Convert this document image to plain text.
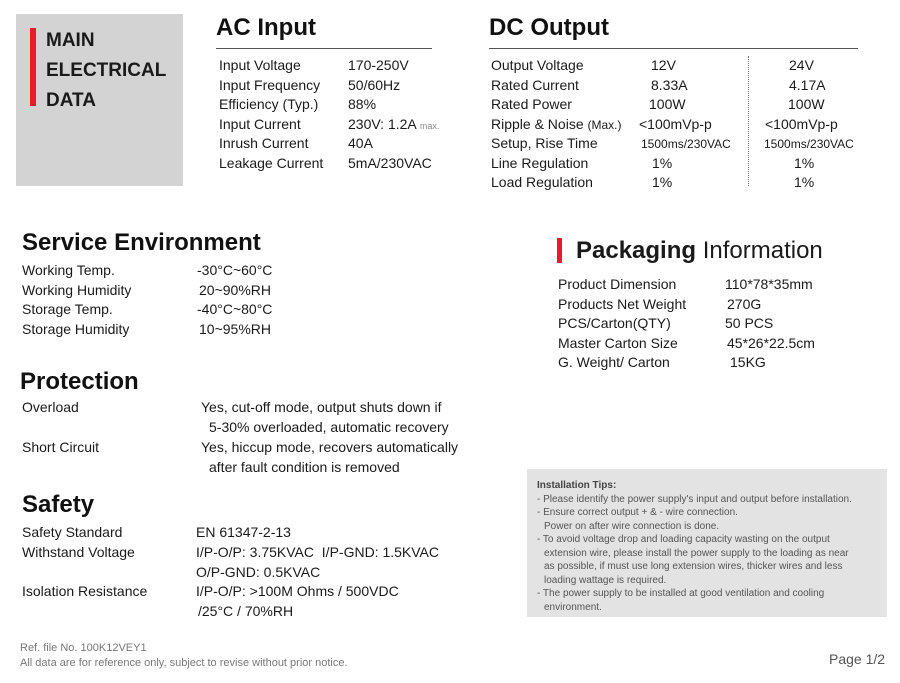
MAIN
ELECTRICAL
DATA
AC Input
Input Voltage	170-250V
Input Frequency 50/60Hz
Efficiency (Typ.) 88%
Input Current	230V: 1.2A max.
Inrush Current	40A
Leakage Current 5mA/230VAC
DC Output
Output Voltage	12V	24V
Rated Current	8.33A	4.17A
Rated Power	100W	100W
Ripple & Noise (Max.) <100mVp-p	<100mVp-p
Setup, Rise Time	1500ms/230VAC	1500ms/230VAC
Line Regulation	1%	1%
Load Regulation	1%	1%
Service Environment
Working Temp.	-30°C~60°C
Working Humidity	20~90%RH
Storage Temp.	-40°C~80°C
Storage Humidity	10~95%RH
Packaging Information
Product Dimension	110*78*35mm
Products Net Weight	270G
PCS/Carton(QTY)	50 PCS
Master Carton Size	45*26*22.5cm
G. Weight/ Carton	15KG
Protection
Overload	Yes, cut-off mode, output shuts down if
5-30% overloaded, automatic recovery
Short Circuit	Yes, hiccup mode, recovers automatically
after fault condition is removed
Safety
Safety Standard	EN 61347-2-13
Withstand Voltage	I/P-O/P: 3.75KVAC  I/P-GND: 1.5KVAC
O/P-GND: 0.5KVAC
Isolation Resistance	I/P-O/P: >100M Ohms / 500VDC
/25°C / 70%RH
Installation Tips:
- Please identify the power supply's input and output before installation.
- Ensure correct output + & - wire connection.
Power on after wire connection is done.
- To avoid voltage drop and loading capacity wasting on the output
extension wire, please install the power supply to the loading as near
as possible, if must use long extension wires, thicker wires and less
loading wattage is required.
- The power supply to be installed at good ventilation and cooling
environment.
Ref. file No. 100K12VEY1
All data are for reference only, subject to revise without prior notice.	Page 1/2
